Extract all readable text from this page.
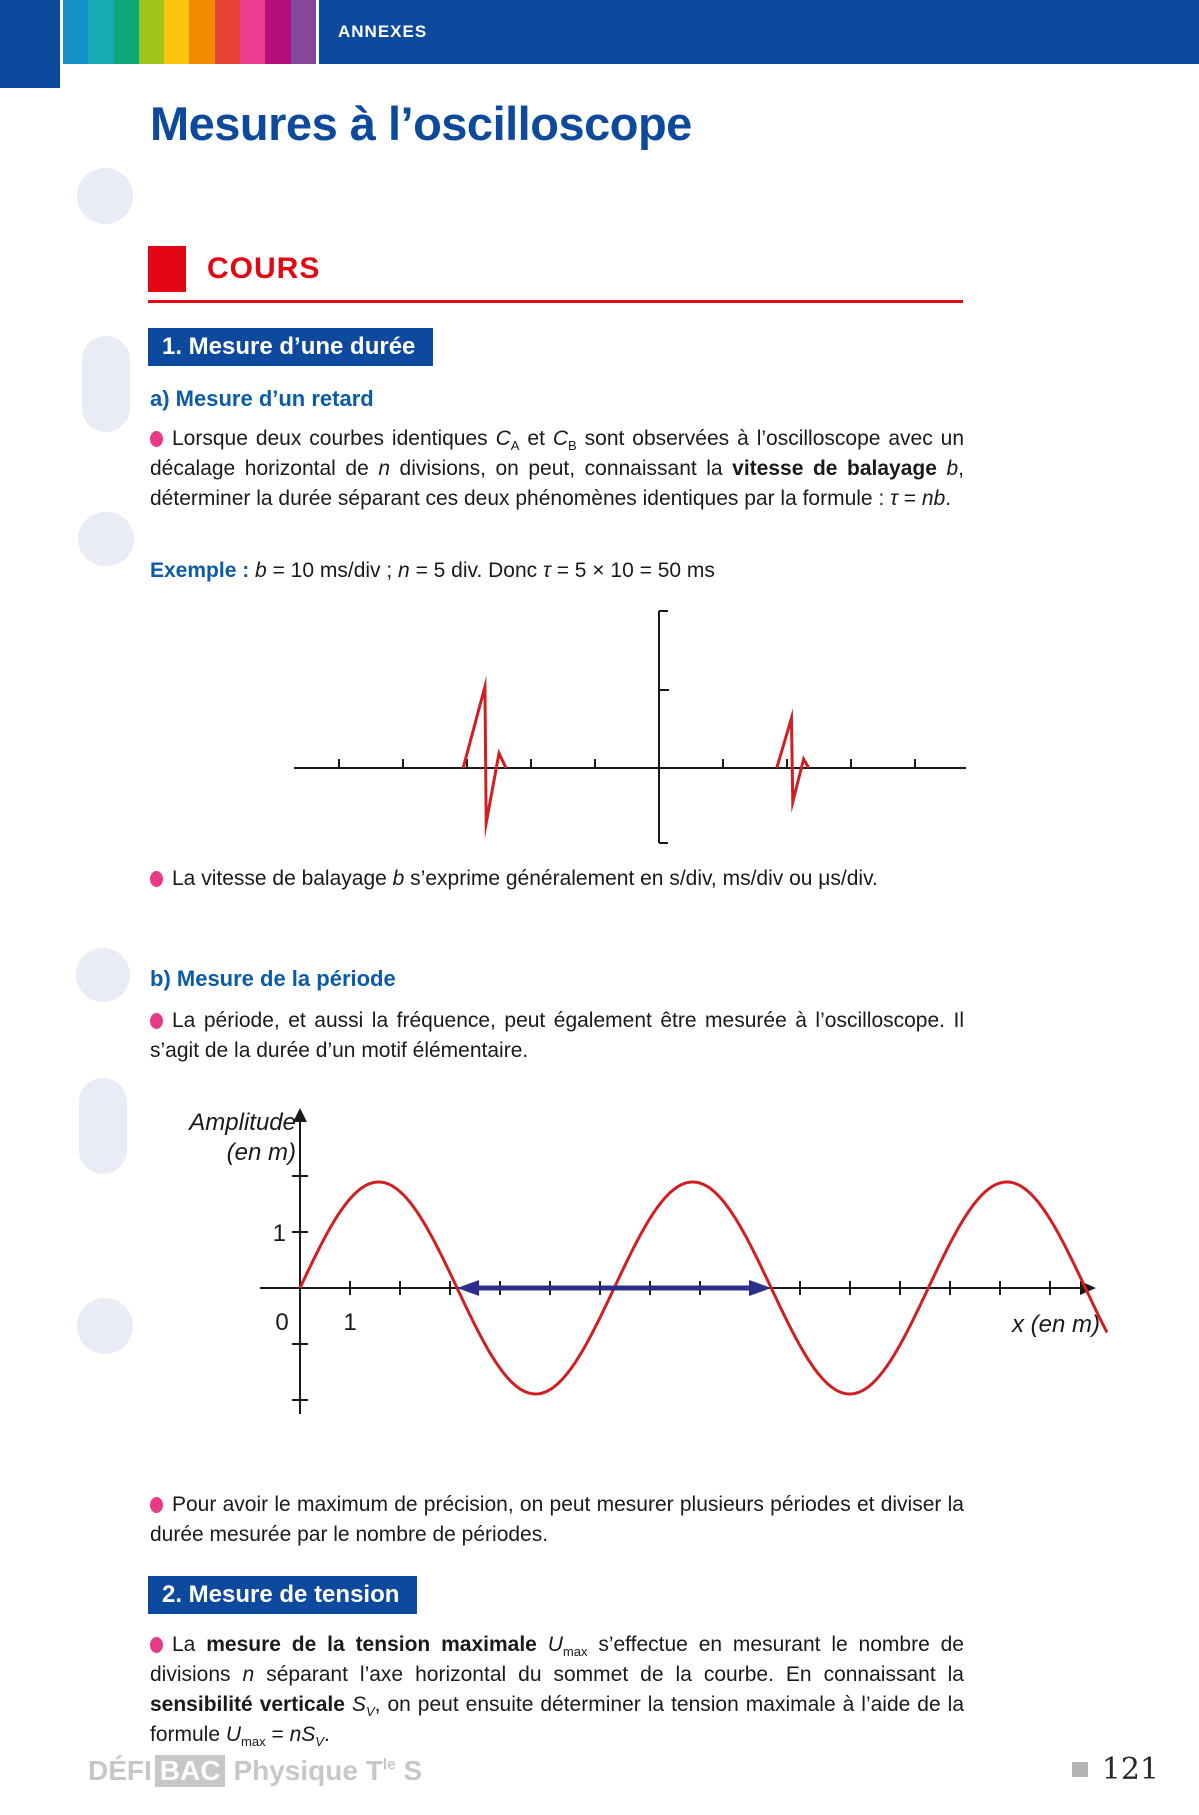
ANNEXES
Mesures à l’oscilloscope
COURS
1. Mesure d’une durée
a) Mesure d’un retard

Lorsque deux courbes identiques $C_A$ et $C_B$ sont observées à l’oscilloscope avec un décalage horizontal de n divisions, on peut, connaissant la vitesse de balayage b, déterminer la durée séparant ces deux phénomènes identiques par la formule : τ = nb.

Exemple : b = 10 ms/div ; n = 5 div. Donc τ = 5 × 10 = 50 ms

La vitesse de balayage b s’exprime généralement en s/div, ms/div ou μs/div.

b) Mesure de la période

La période, et aussi la fréquence, peut également être mesurée à l’oscilloscope. Il s’agit de la durée d’un motif élémentaire.

Amplitude
(en m)
1
0 1	x (en m)

Pour avoir le maximum de précision, on peut mesurer plusieurs périodes et diviser la durée mesurée par le nombre de périodes.

2. Mesure de tension

La mesure de la tension maximale $U_{max}$ s’effectue en mesurant le nombre de divisions n séparant l’axe horizontal du sommet de la courbe. En connaissant la sensibilité verticale $S_V$, on peut ensuite déterminer la tension maximale à l’aide de la formule $U_{max} = nS_V$.

DÉFI BAC Physique
$T^{le}$ S	121
